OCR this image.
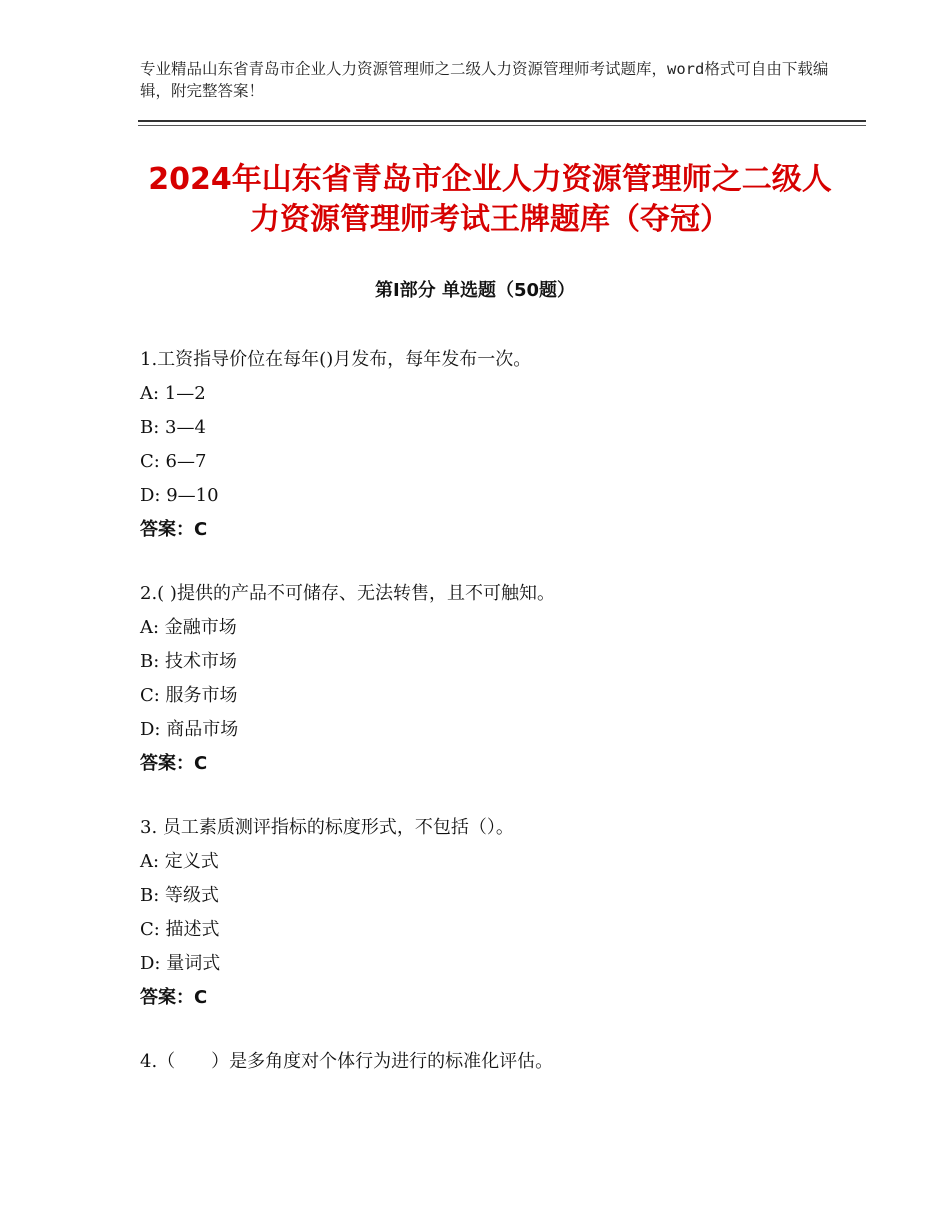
专业精品山东省青岛市企业人力资源管理师之二级人力资源管理师考试题库，word格式可自由下载编辑，附完整答案！
2024年山东省青岛市企业人力资源管理师之二级人力资源管理师考试王牌题库（夺冠）
第Ⅰ部分 单选题（50题）
1.工资指导价位在每年()月发布，每年发布一次。
A: 1—2
B: 3—4
C: 6—7
D: 9—10
答案：C
2.( )提供的产品不可储存、无法转售，且不可触知。
A: 金融市场
B: 技术市场
C: 服务市场
D: 商品市场
答案：C
3. 员工素质测评指标的标度形式，不包括（）。
A: 定义式
B: 等级式
C: 描述式
D: 量词式
答案：C
4.（　　）是多角度对个体行为进行的标准化评估。
